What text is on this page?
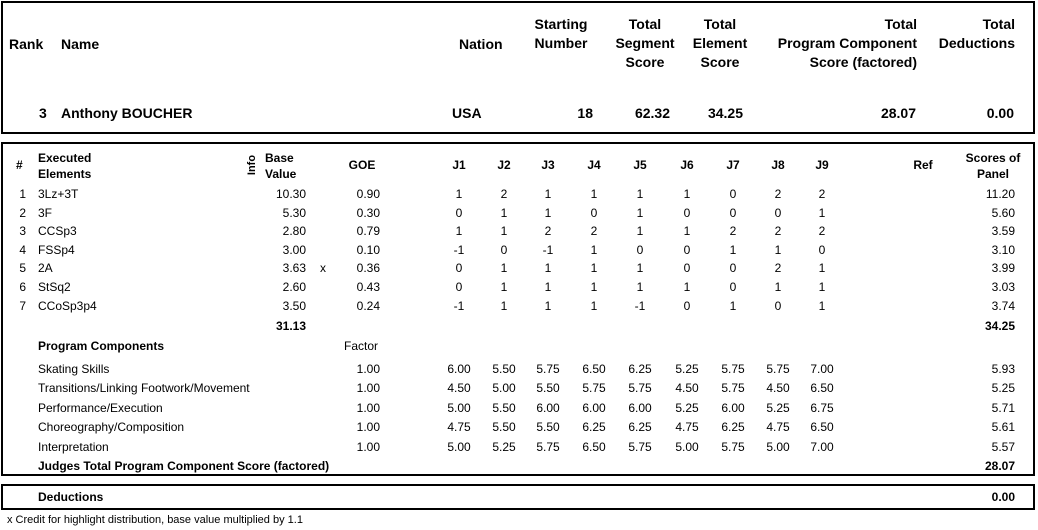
Rank Name	Nation
Starting
Number
Total
Segment
Score
Total
Element
Score
Total
Program Component
Score (factored)
Total
Deductions
3 Anthony BOUCHER	USA	18	62.32	34.25	28.07	0.00
# Executed
Elements	Info Base
Value
GOE	J1	J2	J3	J4	J5	J6	J7	J8	J9	Ref	Scores of
Panel
1 3Lz+3T	10.30	0.90	1	2	1	1	1	1	0	2	2	11.20
2 3F	5.30	0.30	0	1	1	0	1	0	0	0	1	5.60
3 CCSp3	2.80	0.79	1	1	2	2	1	1	2	2	2	3.59
4 FSSp4	3.00	0.10	-1	0	-1	1	0	0	1	1	0	3.10
5 2A	3.63 x	0.36	0	1	1	1	1	0	0	2	1	3.99
6 StSq2	2.60	0.43	0	1	1	1	1	1	0	1	1	3.03
7 CCoSp3p4	3.50	0.24	-1	1	1	1	-1	0	1	0	1	3.74
31.13	34.25
Program Components	Factor
Skating Skills	1.00	6.00	5.50	5.75	6.50	6.25	5.25	5.75	5.75	7.00	5.93
Transitions/Linking Footwork/Movement	1.00	4.50	5.00	5.50	5.75	5.75	4.50	5.75	4.50	6.50	5.25
Performance/Execution	1.00	5.00	5.50	6.00	6.00	6.00	5.25	6.00	5.25	6.75	5.71
Choreography/Composition	1.00	4.75	5.50	5.50	6.25	6.25	4.75	6.25	4.75	6.50	5.61
Interpretation	1.00	5.00	5.25	5.75	6.50	5.75	5.00	5.75	5.00	7.00	5.57
Judges Total Program Component Score (factored)	28.07
Deductions	0.00
x Credit for highlight distribution, base value multiplied by 1.1
